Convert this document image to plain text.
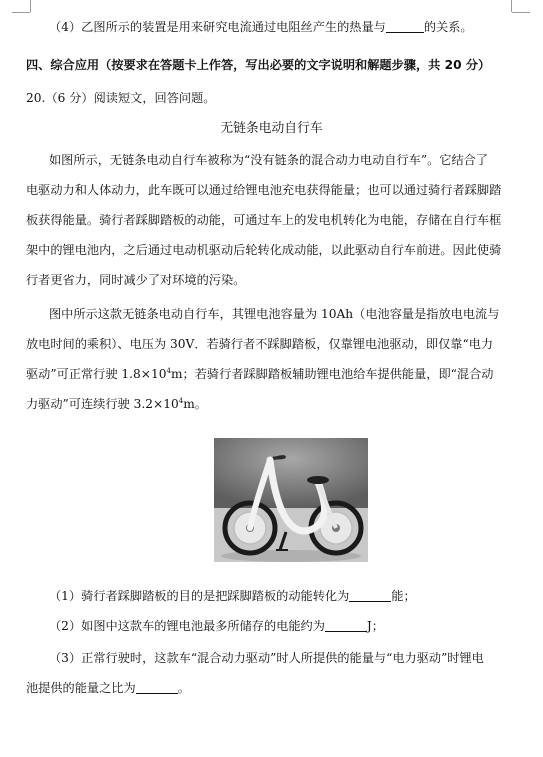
（4）乙图所示的装置是用来研究电流通过电阻丝产生的热量与	的关系。
四、综合应用（按要求在答题卡上作答，写出必要的文字说明和解题步骤，共 20 分）
20.（6 分）阅读短文，回答问题。
无链条电动自行车
如图所示，无链条电动自行车被称为“没有链条的混合动力电动自行车”。它结合了
电驱动力和人体动力，此车既可以通过给锂电池充电获得能量；也可以通过骑行者踩脚踏
板获得能量。骑行者踩脚踏板的动能，可通过车上的发电机转化为电能，存储在自行车框
架中的锂电池内，之后通过电动机驱动后轮转化成动能，以此驱动自行车前进。因此使骑
行者更省力，同时减少了对环境的污染。
图中所示这款无链条电动自行车，其锂电池容量为 10Ah（电池容量是指放电电流与
放电时间的乘积）、电压为 30V．若骑行者不踩脚踏板，仅靠锂电池驱动，即仅靠“电力
驱动”可正常行驶 $1.8\times 10^4m$；若骑行者踩脚踏板辅助锂电池给车提供能量，即“混合动
力驱动”可连续行驶 $3.2\times 10^4m$。
（1）骑行者踩脚踏板的目的是把踩脚踏板的动能转化为	能；
（2）如图中这款车的锂电池最多所储存的电能约为	J；
（3）正常行驶时，这款车“混合动力驱动”时人所提供的能量与“电力驱动”时锂电
池提供的能量之比为	。
